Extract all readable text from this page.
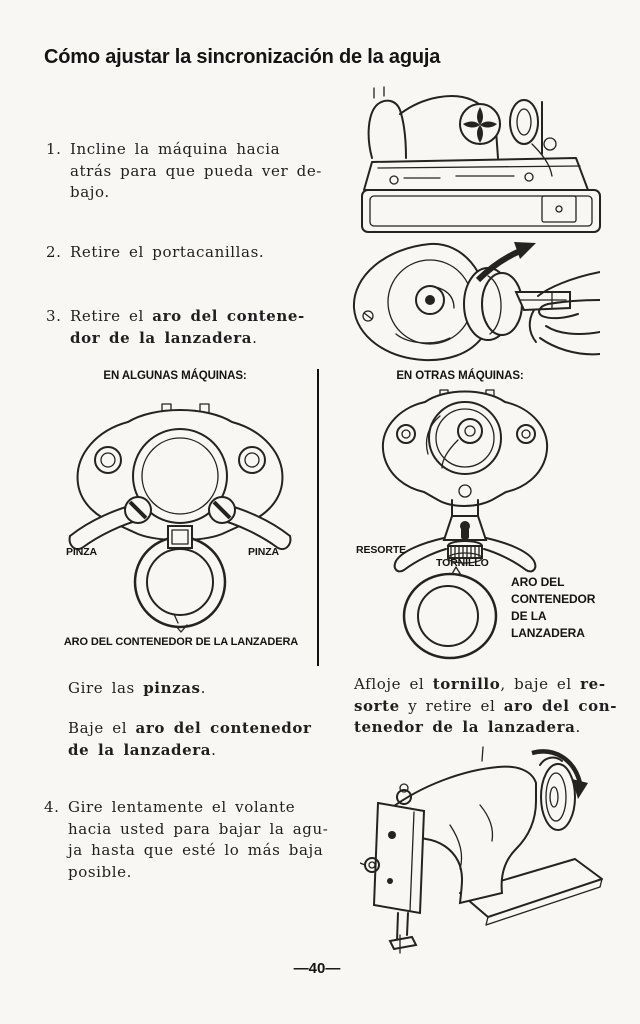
Cómo ajustar la sincronización de la aguja
1. Incline la máquina hacia
atrás para que pueda ver de-
bajo.
2. Retire el portacanillas.
3. Retire el aro del contene-
dor de la lanzadera.

EN ALGUNAS MÁQUINAS:	EN OTRAS MÁQUINAS:

PINZA	PINZA
ARO DEL CONTENEDOR DE LA LANZADERA
RESORTE
TORNILLO
ARO DEL
CONTENEDOR
DE LA
LANZADERA
Gire las pinzas.
Baje el aro del contenedor
de la lanzadera.
Afloje el tornillo, baje el re-
sorte y retire el aro del con-
tenedor de la lanzadera.
4. Gire lentamente el volante
hacia usted para bajar la agu-
ja hasta que esté lo más baja
posible.
—40—
